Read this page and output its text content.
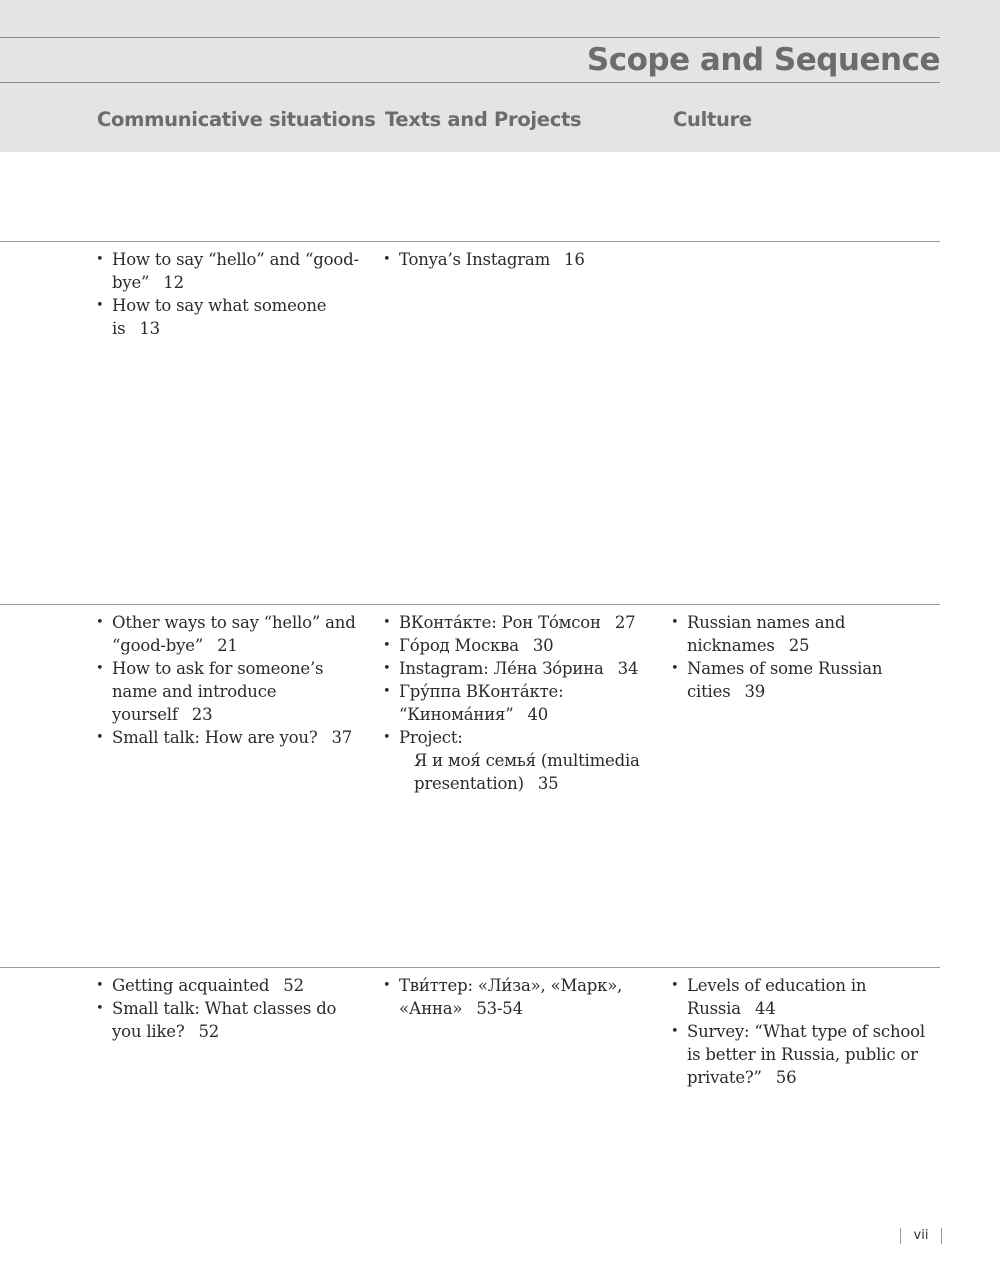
Scope and Sequence
Communicative situations Texts and Projects	Culture
• How to say “hello” and “good-bye” 12
• How to say what someone is 13
• Tonya’s Instagram 16
• Other ways to say “hello” and “good-bye” 21
• How to ask for someone’s name and introduce yourself 23
• Small talk: How are you? 37
• ВКонта́кте: Рон То́мсон 27
• Го́род Москва 30
• Instagram: Ле́на Зо́рина 34
• Гру́ппа ВКонта́кте: “Кинома́ния” 40
• Project:
Я и моя́ семья́ (multimedia presentation) 35
• Russian names and nicknames 25
• Names of some Russian cities 39
• Getting acquainted 52
• Small talk: What classes do you like? 52
• Тви́ттер: «Ли́за», «Марк», «Анна» 53-54
• Levels of education in Russia 44
• Survey: “What type of school is better in Russia, public or private?” 56
vii
